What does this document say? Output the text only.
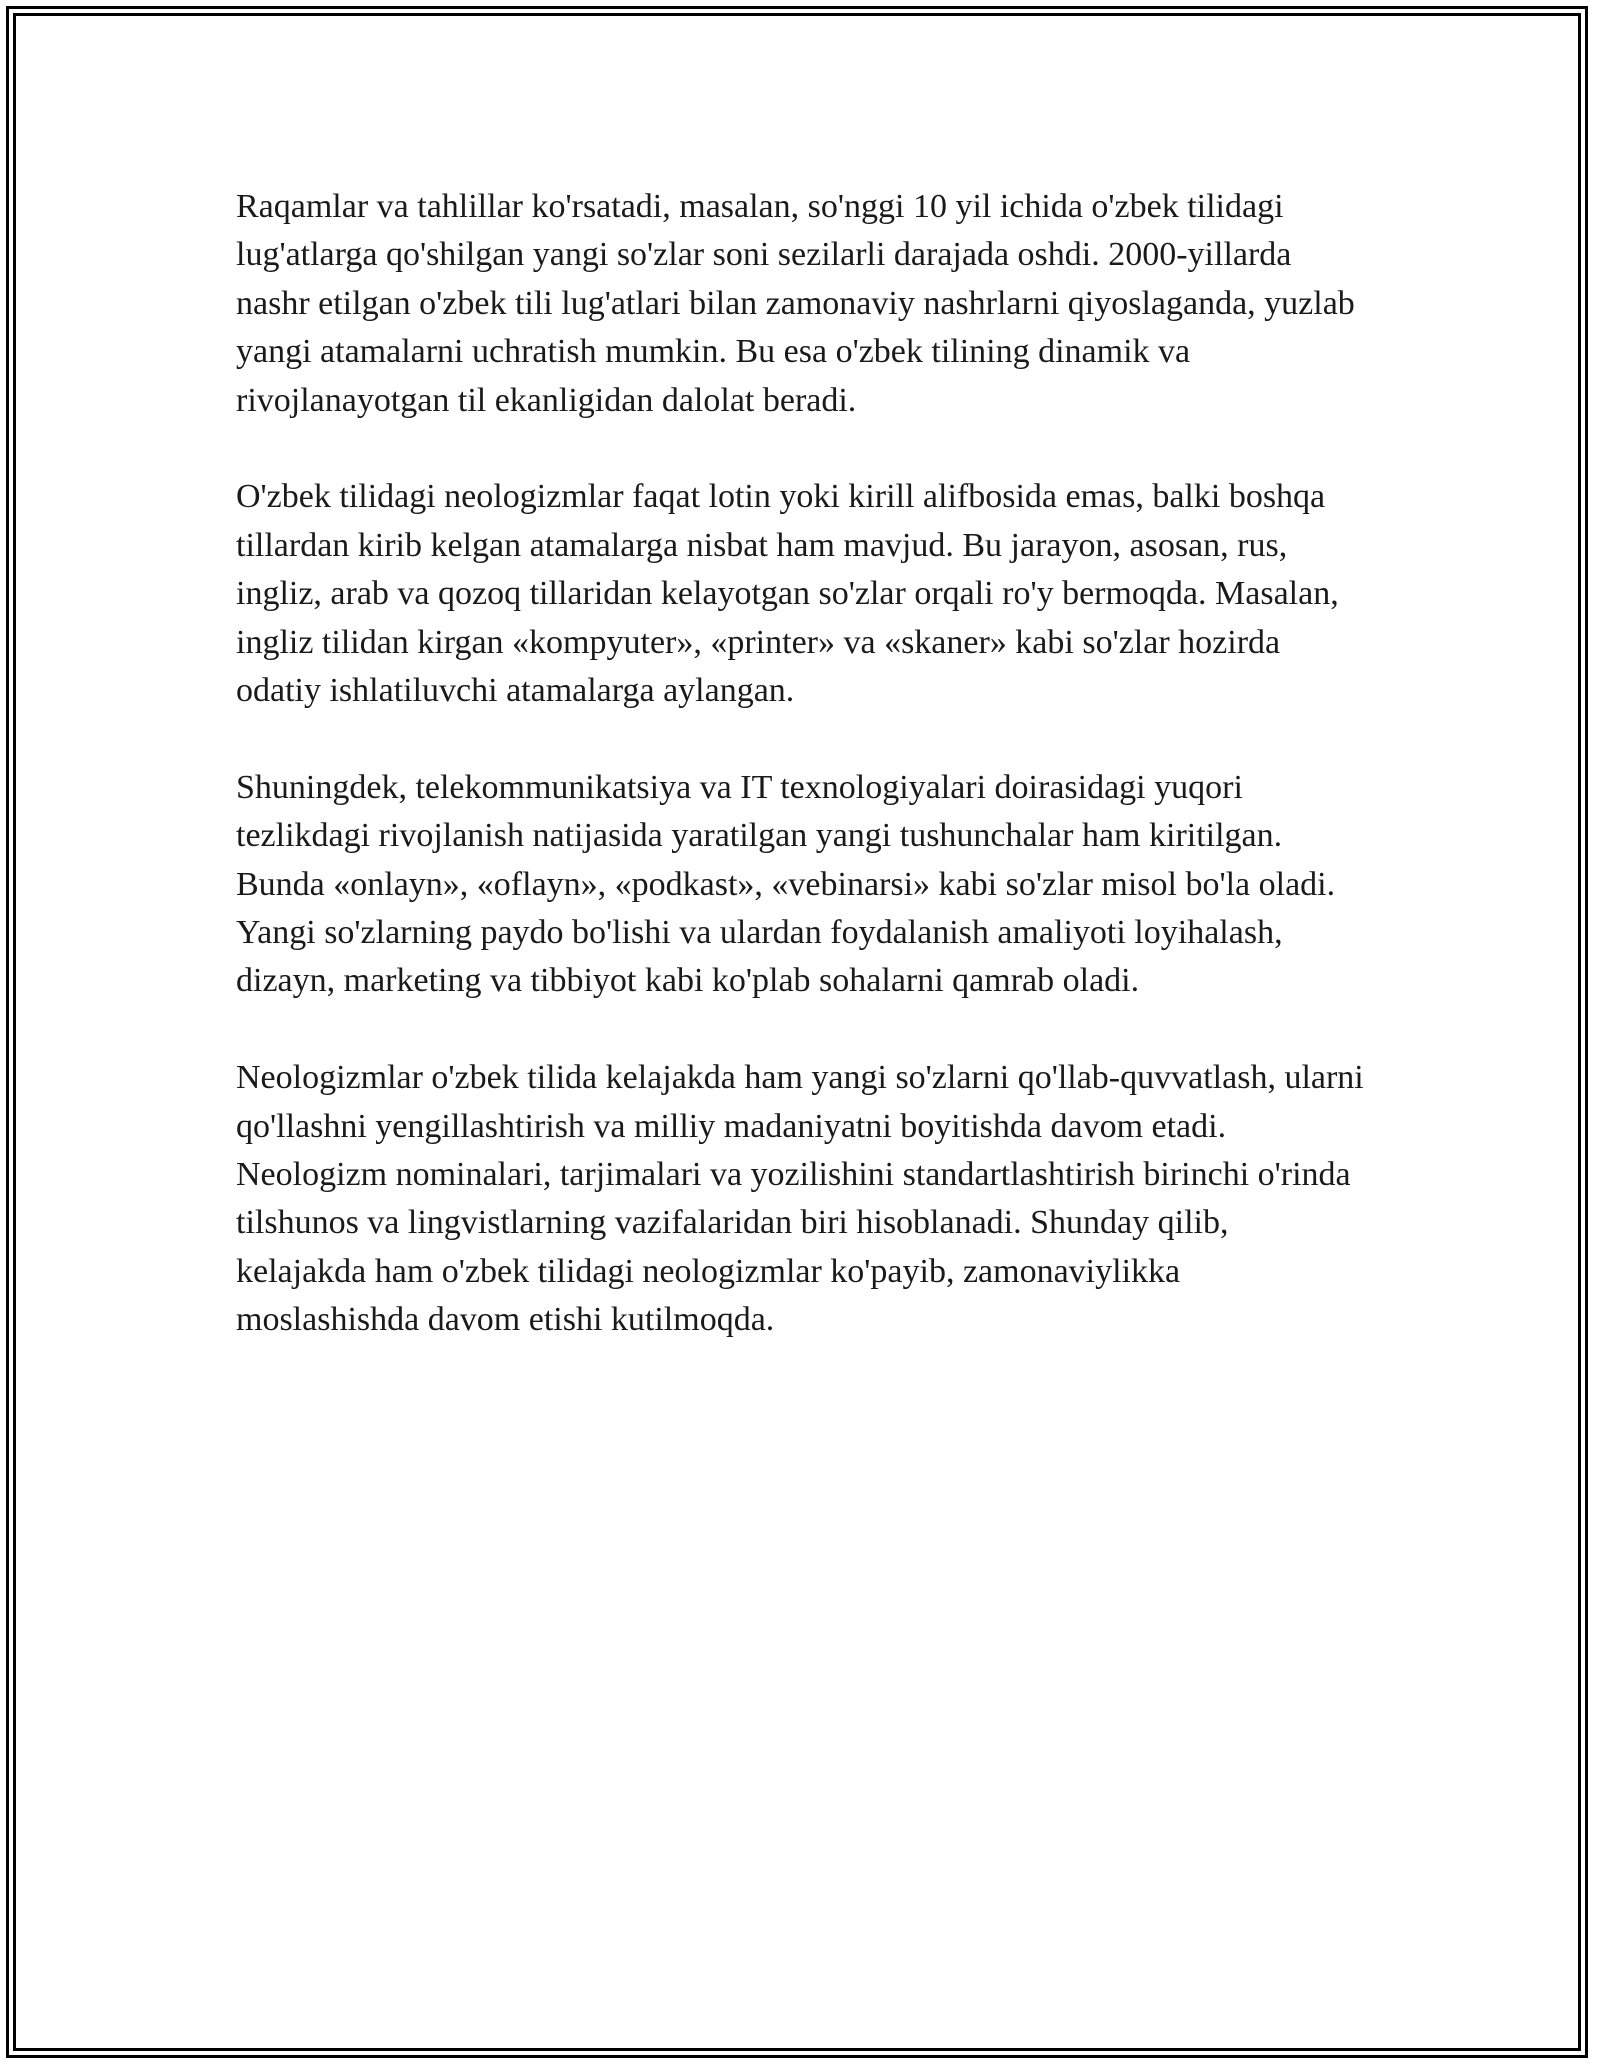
Raqamlar va tahlillar ko'rsatadi, masalan, so'nggi 10 yil ichida o'zbek tilidagi lug'atlarga qo'shilgan yangi so'zlar soni sezilarli darajada oshdi. 2000-yillarda nashr etilgan o'zbek tili lug'atlari bilan zamonaviy nashrlarni qiyoslaganda, yuzlab yangi atamalarni uchratish mumkin. Bu esa o'zbek tilining dinamik va rivojlanayotgan til ekanligidan dalolat beradi.

O'zbek tilidagi neologizmlar faqat lotin yoki kirill alifbosida emas, balki boshqa tillardan kirib kelgan atamalarga nisbat ham mavjud. Bu jarayon, asosan, rus, ingliz, arab va qozoq tillaridan kelayotgan so'zlar orqali ro'y bermoqda. Masalan, ingliz tilidan kirgan «kompyuter», «printer» va «skaner» kabi so'zlar hozirda odatiy ishlatiluvchi atamalarga aylangan.

Shuningdek, telekommunikatsiya va IT texnologiyalari doirasidagi yuqori tezlikdagi rivojlanish natijasida yaratilgan yangi tushunchalar ham kiritilgan. Bunda «onlayn», «oflayn», «podkast», «vebinarsi» kabi so'zlar misol bo'la oladi. Yangi so'zlarning paydo bo'lishi va ulardan foydalanish amaliyoti loyihalash, dizayn, marketing va tibbiyot kabi ko'plab sohalarni qamrab oladi.

Neologizmlar o'zbek tilida kelajakda ham yangi so'zlarni qo'llab-quvvatlash, ularni qo'llashni yengillashtirish va milliy madaniyatni boyitishda davom etadi. Neologizm nominalari, tarjimalari va yozilishini standartlashtirish birinchi o'rinda tilshunos va lingvistlarning vazifalaridan biri hisoblanadi. Shunday qilib, kelajakda ham o'zbek tilidagi neologizmlar ko'payib, zamonaviylikka moslashishda davom etishi kutilmoqda.
